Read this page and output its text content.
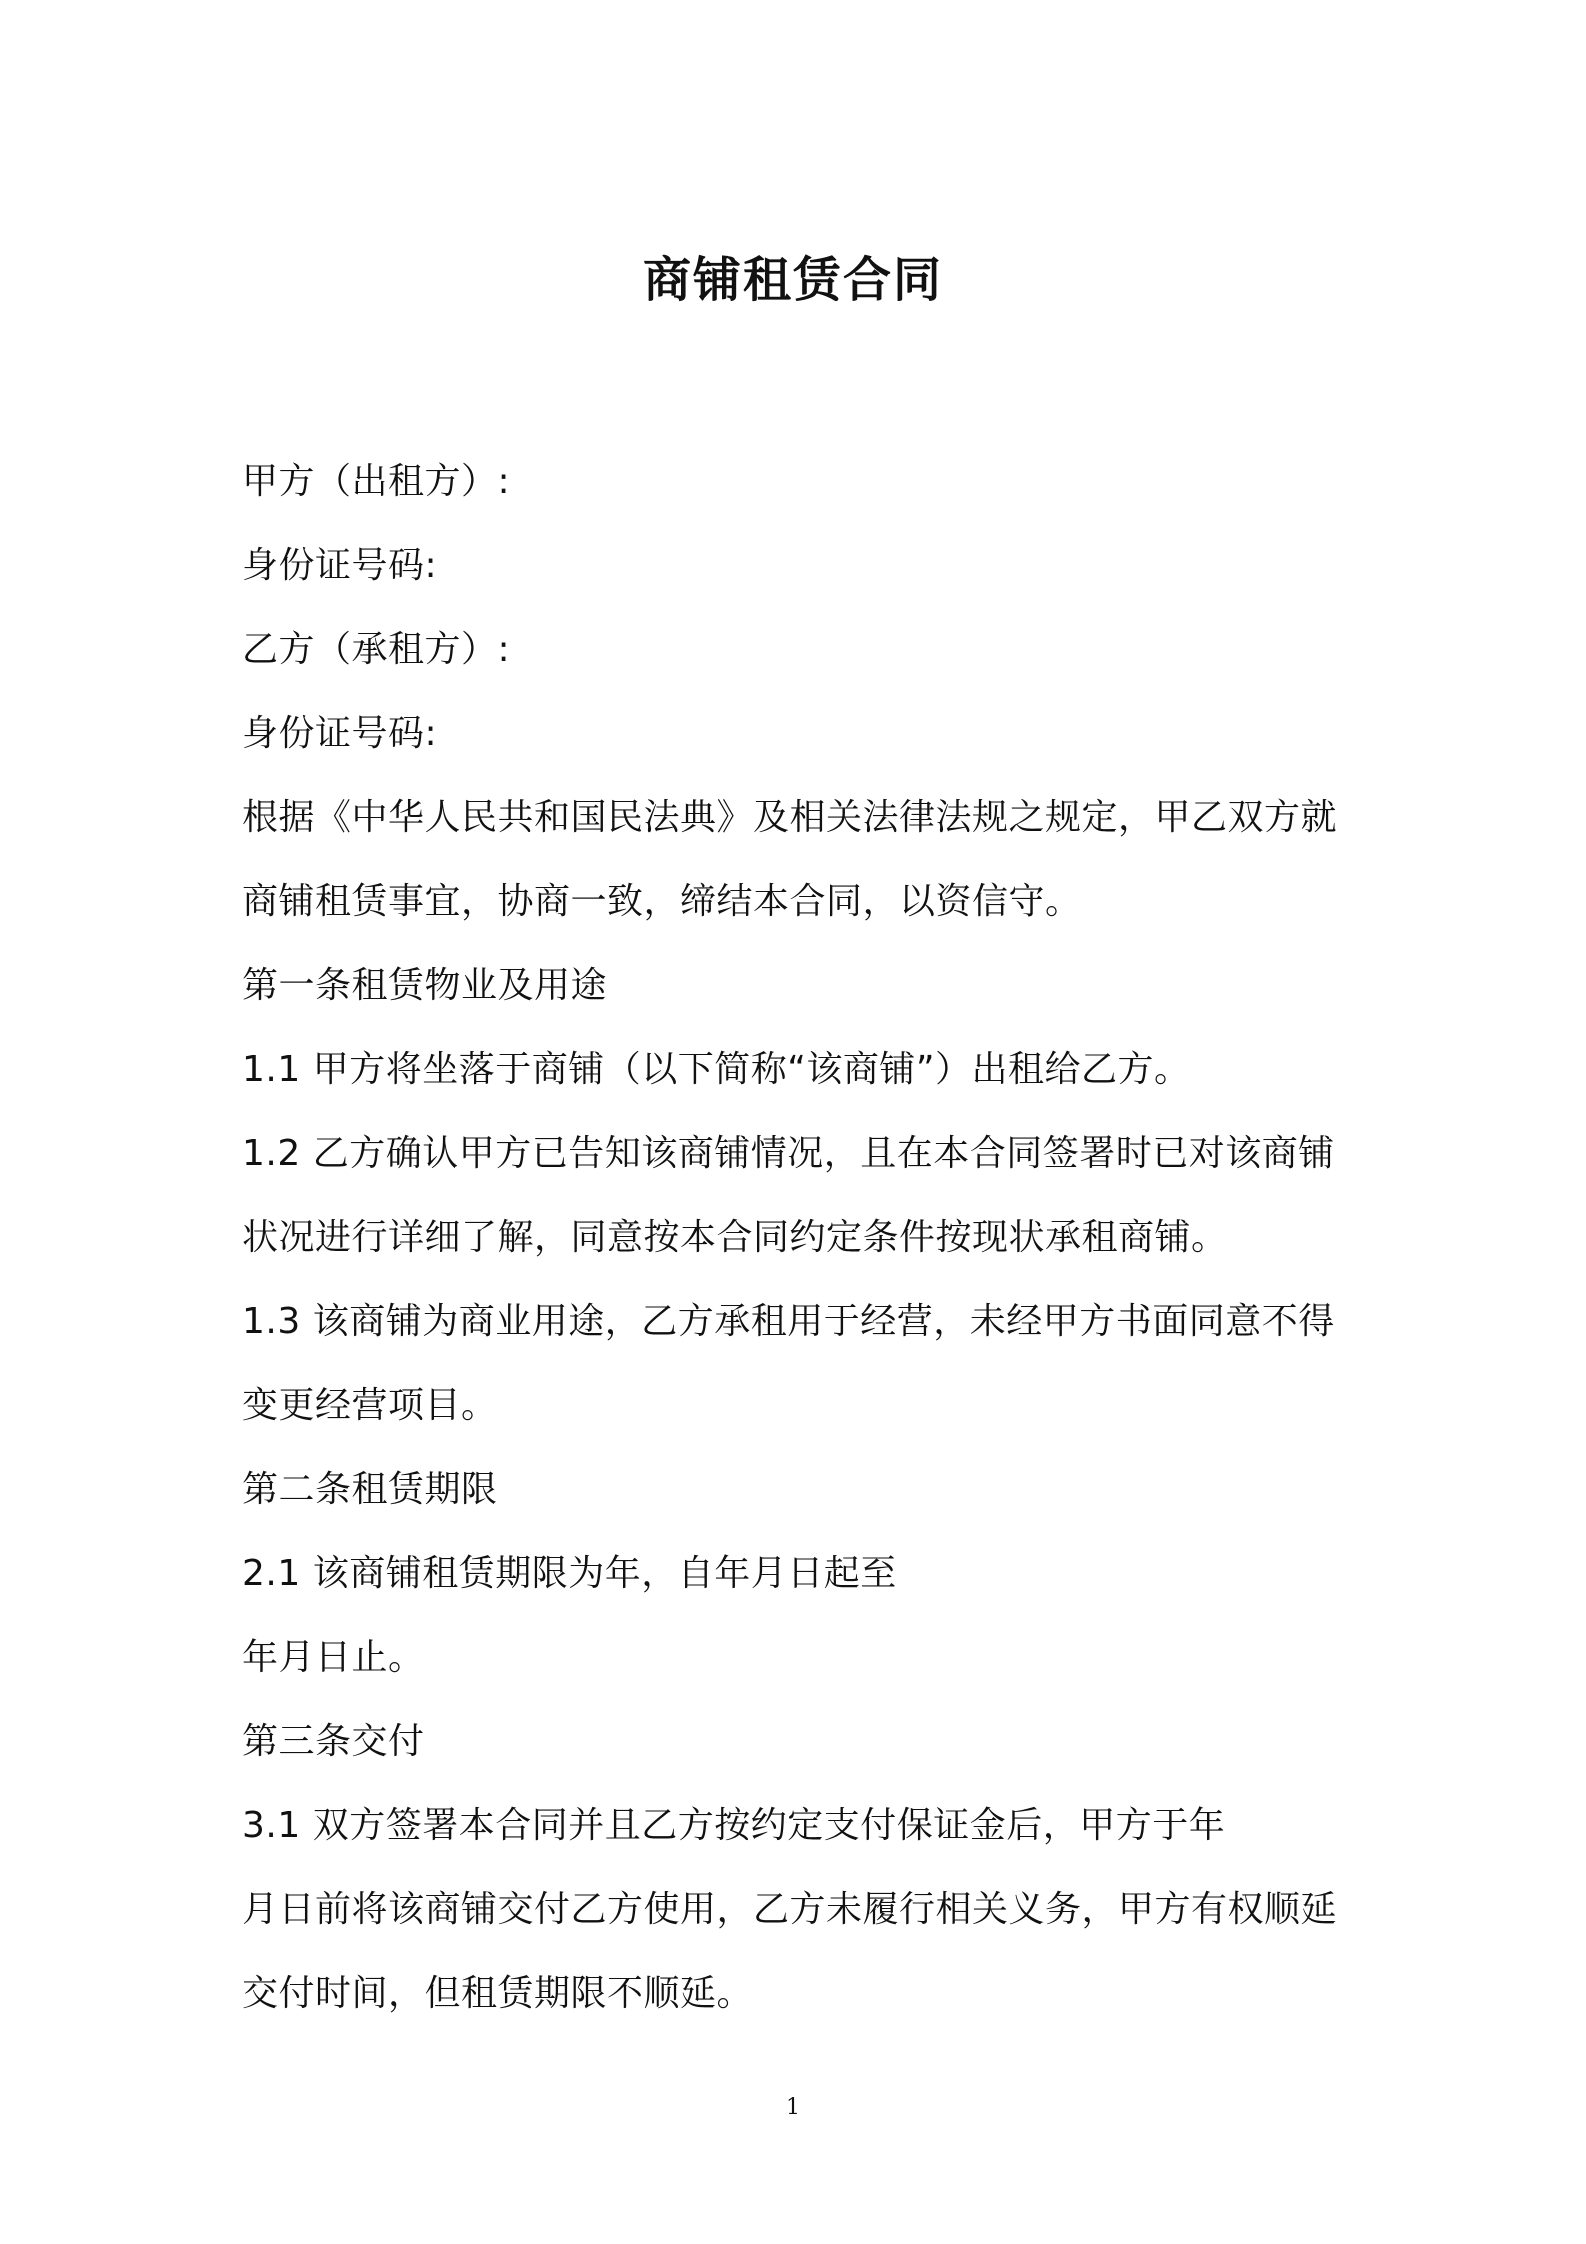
商铺租赁合同
甲方（出租方）:
身份证号码:
乙方（承租方）:
身份证号码:
根据《中华人民共和国民法典》及相关法律法规之规定，甲乙双方就
商铺租赁事宜，协商一致，缔结本合同，以资信守。
第一条租赁物业及用途
1.1 甲方将坐落于商铺（以下简称“该商铺”）出租给乙方。
1.2 乙方确认甲方已告知该商铺情况，且在本合同签署时已对该商铺
状况进行详细了解，同意按本合同约定条件按现状承租商铺。
1.3 该商铺为商业用途，乙方承租用于经营，未经甲方书面同意不得
变更经营项目。
第二条租赁期限
2.1 该商铺租赁期限为年，自年月日起至
年月日止。
第三条交付
3.1 双方签署本合同并且乙方按约定支付保证金后，甲方于年
月日前将该商铺交付乙方使用，乙方未履行相关义务，甲方有权顺延
交付时间，但租赁期限不顺延。
1
